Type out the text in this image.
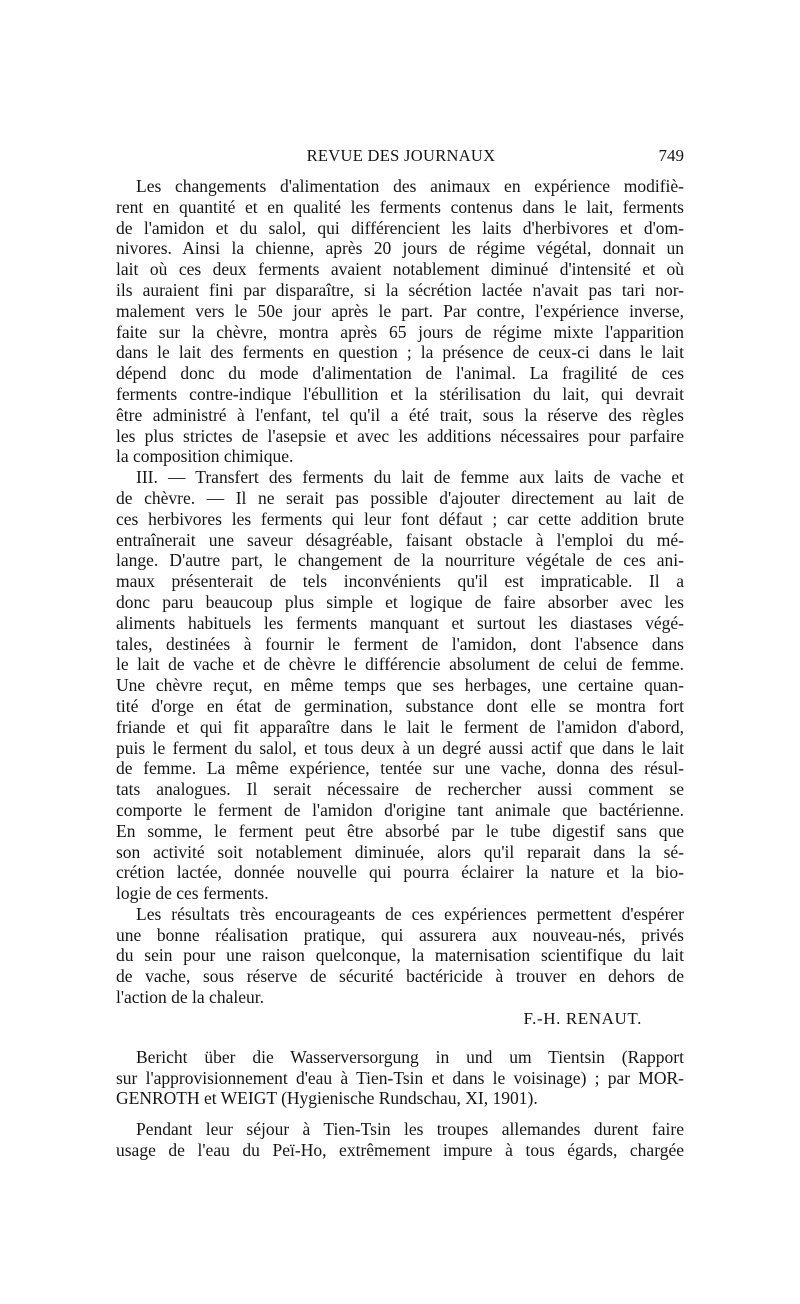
REVUE DES JOURNAUX	749
Les changements d'alimentation des animaux en expérience modifiè-
rent en quantité et en qualité les ferments contenus dans le lait, ferments
de l'amidon et du salol, qui différencient les laits d'herbivores et d'om-
nivores. Ainsi la chienne, après 20 jours de régime végétal, donnait un
lait où ces deux ferments avaient notablement diminué d'intensité et où
ils auraient fini par disparaître, si la sécrétion lactée n'avait pas tari nor-
malement vers le 50e jour après le part. Par contre, l'expérience inverse,
faite sur la chèvre, montra après 65 jours de régime mixte l'apparition
dans le lait des ferments en question ; la présence de ceux-ci dans le lait
dépend donc du mode d'alimentation de l'animal. La fragilité de ces
ferments contre-indique l'ébullition et la stérilisation du lait, qui devrait
être administré à l'enfant, tel qu'il a été trait, sous la réserve des règles
les plus strictes de l'asepsie et avec les additions nécessaires pour parfaire
la composition chimique.
III. — Transfert des ferments du lait de femme aux laits de vache et
de chèvre. — Il ne serait pas possible d'ajouter directement au lait de
ces herbivores les ferments qui leur font défaut ; car cette addition brute
entraînerait une saveur désagréable, faisant obstacle à l'emploi du mé-
lange. D'autre part, le changement de la nourriture végétale de ces ani-
maux présenterait de tels inconvénients qu'il est impraticable. Il a
donc paru beaucoup plus simple et logique de faire absorber avec les
aliments habituels les ferments manquant et surtout les diastases végé-
tales, destinées à fournir le ferment de l'amidon, dont l'absence dans
le lait de vache et de chèvre le différencie absolument de celui de femme.
Une chèvre reçut, en même temps que ses herbages, une certaine quan-
tité d'orge en état de germination, substance dont elle se montra fort
friande et qui fit apparaître dans le lait le ferment de l'amidon d'abord,
puis le ferment du salol, et tous deux à un degré aussi actif que dans le lait
de femme. La même expérience, tentée sur une vache, donna des résul-
tats analogues. Il serait nécessaire de rechercher aussi comment se
comporte le ferment de l'amidon d'origine tant animale que bactérienne.
En somme, le ferment peut être absorbé par le tube digestif sans que
son activité soit notablement diminuée, alors qu'il reparait dans la sé-
crétion lactée, donnée nouvelle qui pourra éclairer la nature et la bio-
logie de ces ferments.
Les résultats très encourageants de ces expériences permettent d'espérer
une bonne réalisation pratique, qui assurera aux nouveau-nés, privés
du sein pour une raison quelconque, la maternisation scientifique du lait
de vache, sous réserve de sécurité bactéricide à trouver en dehors de
l'action de la chaleur.
F.-H. RENAUT.
Bericht über die Wasserversorgung in und um Tientsin (Rapport
sur l'approvisionnement d'eau à Tien-Tsin et dans le voisinage) ; par MOR-
GENROTH et WEIGT (Hygienische Rundschau, XI, 1901).
Pendant leur séjour à Tien-Tsin les troupes allemandes durent faire
usage de l'eau du Peï-Ho, extrêmement impure à tous égards, chargée
